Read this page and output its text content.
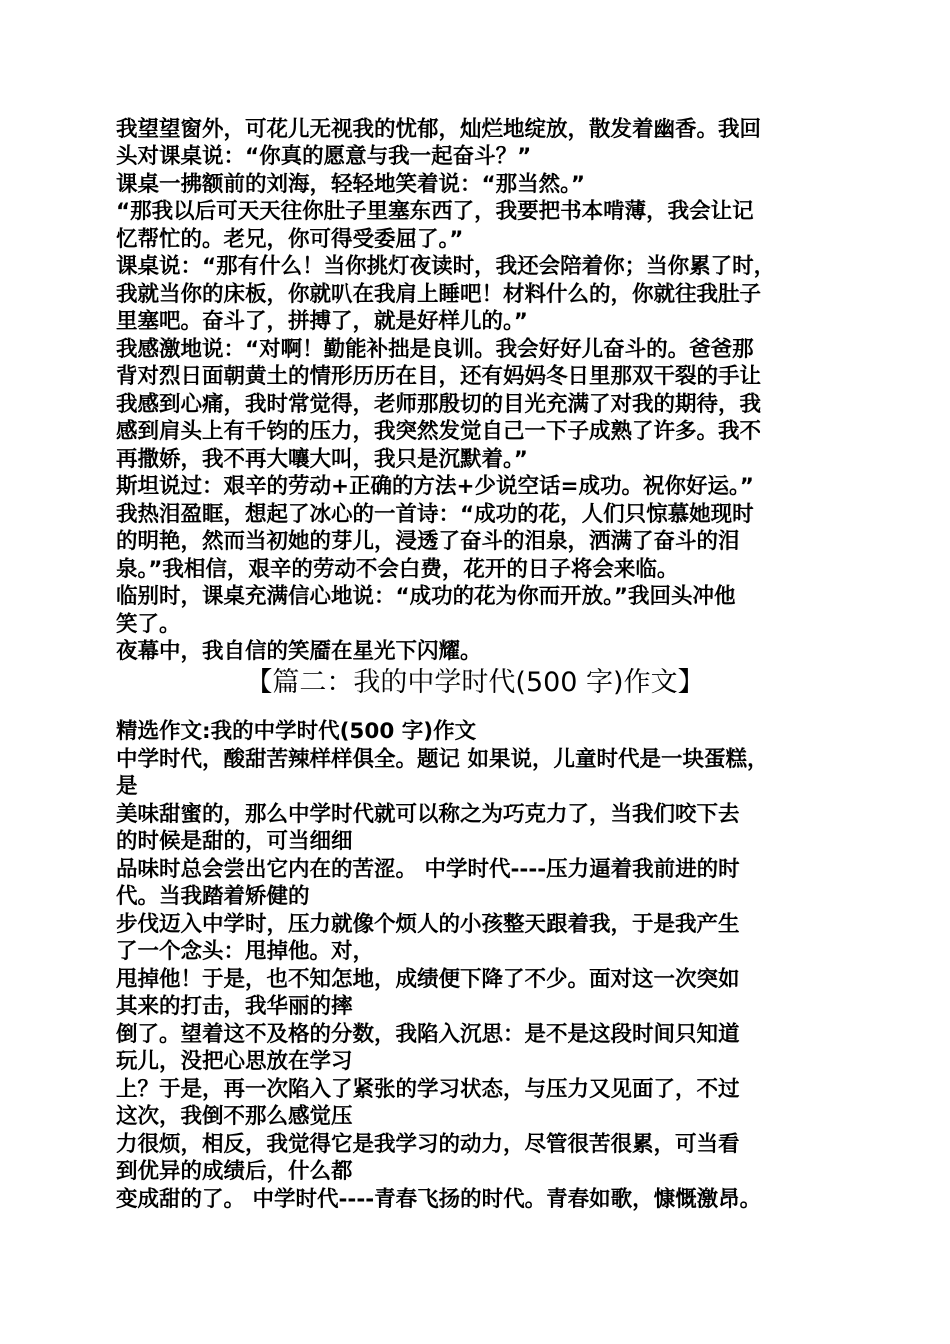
我望望窗外，可花儿无视我的忧郁，灿烂地绽放，散发着幽香。我回
头对课桌说：“你真的愿意与我一起奋斗？”
课桌一拂额前的刘海，轻轻地笑着说：“那当然。”
“那我以后可天天往你肚子里塞东西了，我要把书本啃薄，我会让记
忆帮忙的。老兄，你可得受委屈了。”
课桌说：“那有什么！当你挑灯夜读时，我还会陪着你；当你累了时，
我就当你的床板，你就叭在我肩上睡吧！材料什么的，你就往我肚子
里塞吧。奋斗了，拼搏了，就是好样儿的。”
我感激地说：“对啊！勤能补拙是良训。我会好好儿奋斗的。爸爸那
背对烈日面朝黄土的情形历历在目，还有妈妈冬日里那双干裂的手让
我感到心痛，我时常觉得，老师那殷切的目光充满了对我的期待，我
感到肩头上有千钧的压力，我突然发觉自己一下子成熟了许多。我不
再撒娇，我不再大嚷大叫，我只是沉默着。”
斯坦说过：艰辛的劳动+正确的方法+少说空话=成功。祝你好运。”
我热泪盈眶，想起了冰心的一首诗：“成功的花，人们只惊慕她现时
的明艳，然而当初她的芽儿，浸透了奋斗的泪泉，洒满了奋斗的泪
泉。”我相信，艰辛的劳动不会白费，花开的日子将会来临。
临别时，课桌充满信心地说：“成功的花为你而开放。”我回头冲他
笑了。
夜幕中，我自信的笑靥在星光下闪耀。
【篇二：我的中学时代(500 字)作文】
精选作文:我的中学时代(500 字)作文
中学时代，酸甜苦辣样样俱全。题记 如果说，儿童时代是一块蛋糕，
是
美味甜蜜的，那么中学时代就可以称之为巧克力了，当我们咬下去
的时候是甜的，可当细细
品味时总会尝出它内在的苦涩。 中学时代----压力逼着我前进的时
代。当我踏着矫健的
步伐迈入中学时，压力就像个烦人的小孩整天跟着我，于是我产生
了一个念头：甩掉他。对，
甩掉他！于是，也不知怎地，成绩便下降了不少。面对这一次突如
其来的打击，我华丽的摔
倒了。望着这不及格的分数，我陷入沉思：是不是这段时间只知道
玩儿，没把心思放在学习
上？于是，再一次陷入了紧张的学习状态，与压力又见面了，不过
这次，我倒不那么感觉压
力很烦，相反，我觉得它是我学习的动力，尽管很苦很累，可当看
到优异的成绩后，什么都
变成甜的了。 中学时代----青春飞扬的时代。青春如歌，慷慨激昂。
